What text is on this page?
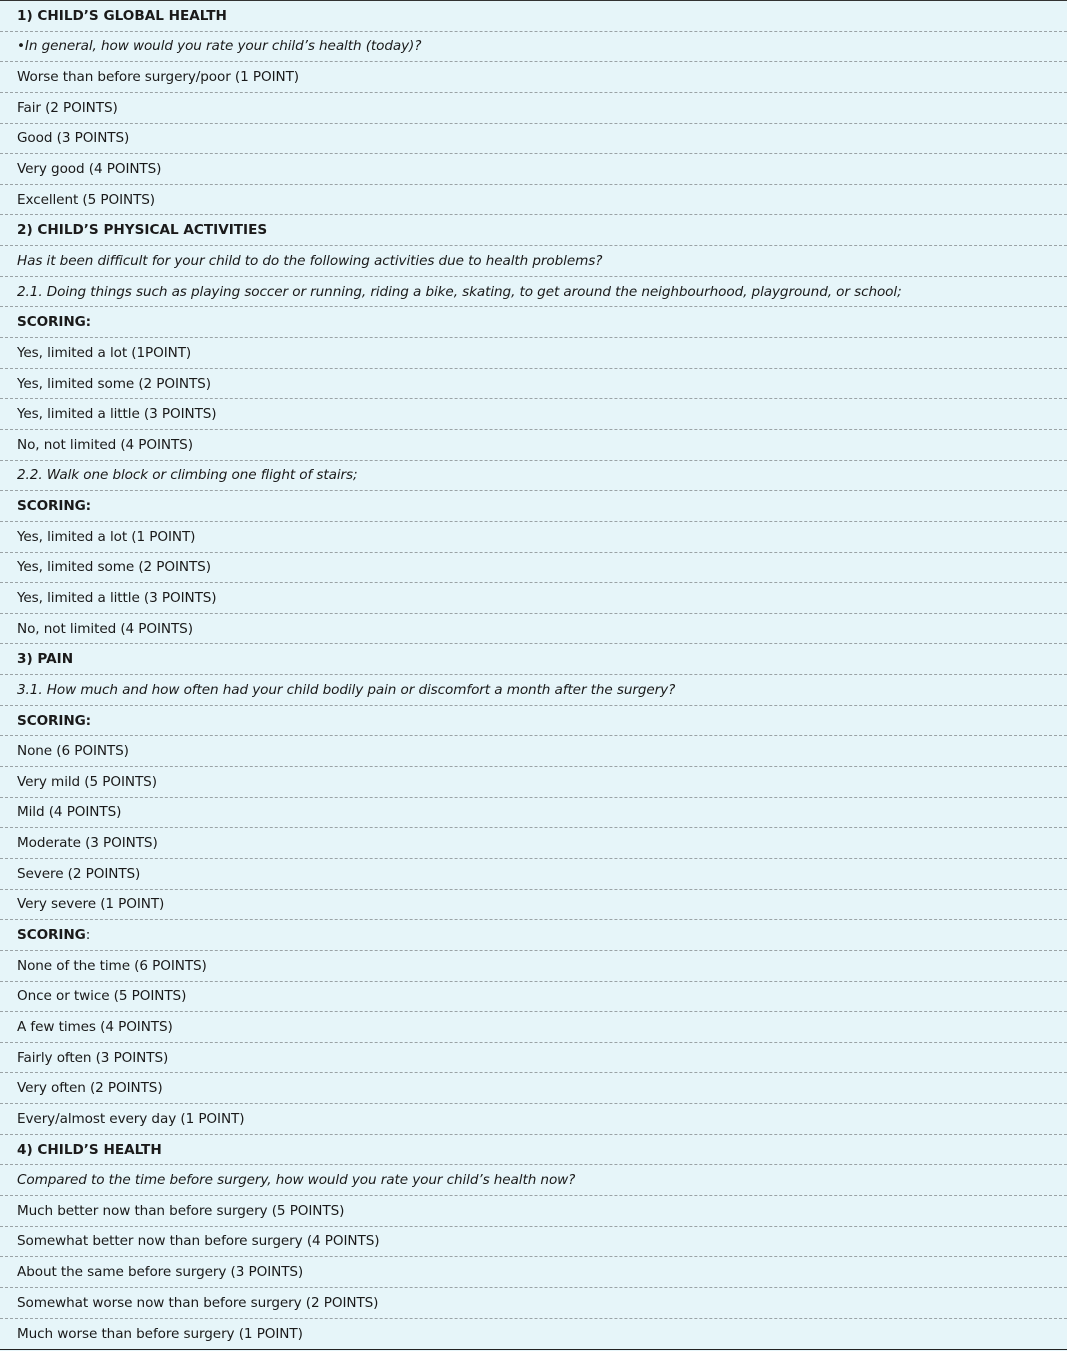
1) CHILD’S GLOBAL HEALTH
•In general, how would you rate your child’s health (today)?
Worse than before surgery/poor (1 POINT)
Fair (2 POINTS)
Good (3 POINTS)
Very good (4 POINTS)
Excellent (5 POINTS)
2) CHILD’S PHYSICAL ACTIVITIES
Has it been difficult for your child to do the following activities due to health problems?
2.1. Doing things such as playing soccer or running, riding a bike, skating, to get around the neighbourhood, playground, or school;
SCORING:
Yes, limited a lot (1POINT)
Yes, limited some (2 POINTS)
Yes, limited a little (3 POINTS)
No, not limited (4 POINTS)
2.2. Walk one block or climbing one flight of stairs;
SCORING:
Yes, limited a lot (1 POINT)
Yes, limited some (2 POINTS)
Yes, limited a little (3 POINTS)
No, not limited (4 POINTS)
3) PAIN
3.1. How much and how often had your child bodily pain or discomfort a month after the surgery?
SCORING:
None (6 POINTS)
Very mild (5 POINTS)
Mild (4 POINTS)
Moderate (3 POINTS)
Severe (2 POINTS)
Very severe (1 POINT)
SCORING :
None of the time (6 POINTS)
Once or twice (5 POINTS)
A few times (4 POINTS)
Fairly often (3 POINTS)
Very often (2 POINTS)
Every/almost every day (1 POINT)
4) CHILD’S HEALTH
Compared to the time before surgery, how would you rate your child’s health now?
Much better now than before surgery (5 POINTS)
Somewhat better now than before surgery (4 POINTS)
About the same before surgery (3 POINTS)
Somewhat worse now than before surgery (2 POINTS)
Much worse than before surgery (1 POINT)
